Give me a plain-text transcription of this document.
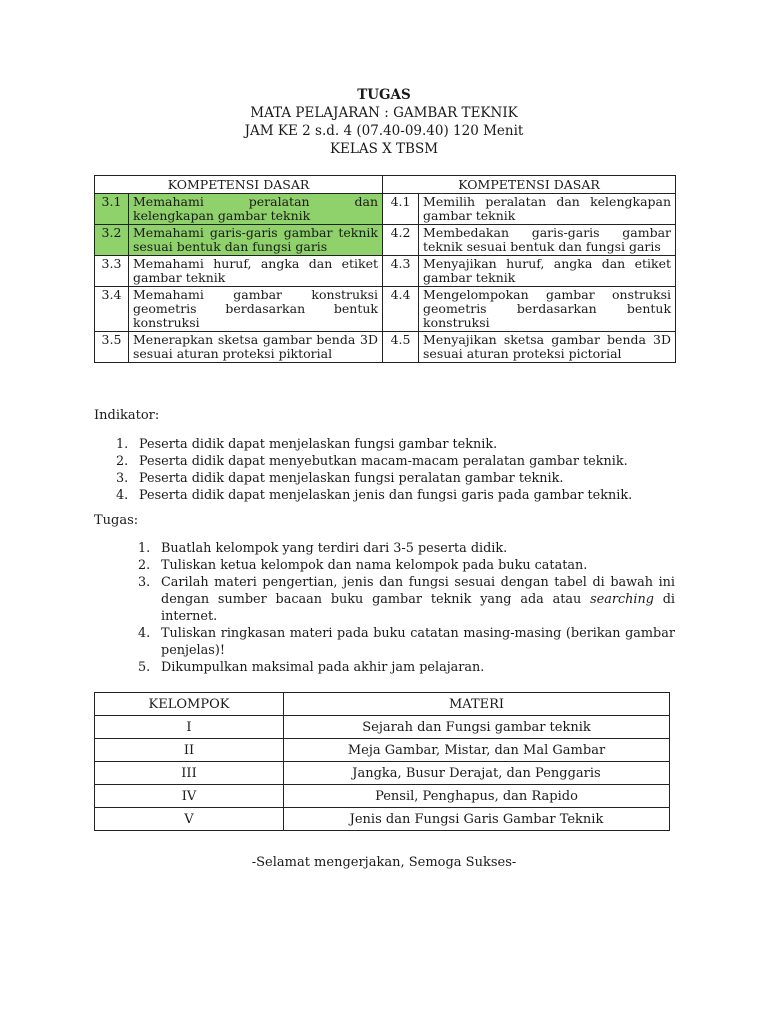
TUGAS
MATA PELAJARAN : GAMBAR TEKNIK
JAM KE 2 s.d. 4 (07.40-09.40) 120 Menit
KELAS X TBSM
KOMPETENSI DASAR		KOMPETENSI DASAR	
3.1	Memahami peralatan dan kelengkapan gambar teknik	4.1	Memilih peralatan dan kelengkapan gambar teknik
3.2	Memahami garis-garis gambar teknik sesuai bentuk dan fungsi garis	4.2	Membedakan garis-garis gambar teknik sesuai bentuk dan fungsi garis
3.3	Memahami huruf, angka dan etiket gambar teknik	4.3	Menyajikan huruf, angka dan etiket gambar teknik
3.4	Memahami gambar konstruksi geometris berdasarkan bentuk konstruksi	4.4	Mengelompokan gambar onstruksi geometris berdasarkan bentuk konstruksi
3.5	Menerapkan sketsa gambar benda 3D sesuai aturan proteksi piktorial	4.5	Menyajikan sketsa gambar benda 3D sesuai aturan proteksi pictorial
Indikator:
1. Peserta didik dapat menjelaskan fungsi gambar teknik.
2. Peserta didik dapat menyebutkan macam-macam peralatan gambar teknik.
3. Peserta didik dapat menjelaskan fungsi peralatan gambar teknik.
4. Peserta didik dapat menjelaskan jenis dan fungsi garis pada gambar teknik.
Tugas:
1. Buatlah kelompok yang terdiri dari 3-5 peserta didik.
2. Tuliskan ketua kelompok dan nama kelompok pada buku catatan.
3. Carilah materi pengertian, jenis dan fungsi sesuai dengan tabel di bawah ini dengan sumber bacaan buku gambar teknik yang ada atau searching di internet.
4. Tuliskan ringkasan materi pada buku catatan masing-masing (berikan gambar penjelas)!
5. Dikumpulkan maksimal pada akhir jam pelajaran.
KELOMPOK	MATERI
I	Sejarah dan Fungsi gambar teknik
II	Meja Gambar, Mistar, dan Mal Gambar
III	Jangka, Busur Derajat, dan Penggaris
IV	Pensil, Penghapus, dan Rapido
V	Jenis dan Fungsi Garis Gambar Teknik
-Selamat mengerjakan, Semoga Sukses-
